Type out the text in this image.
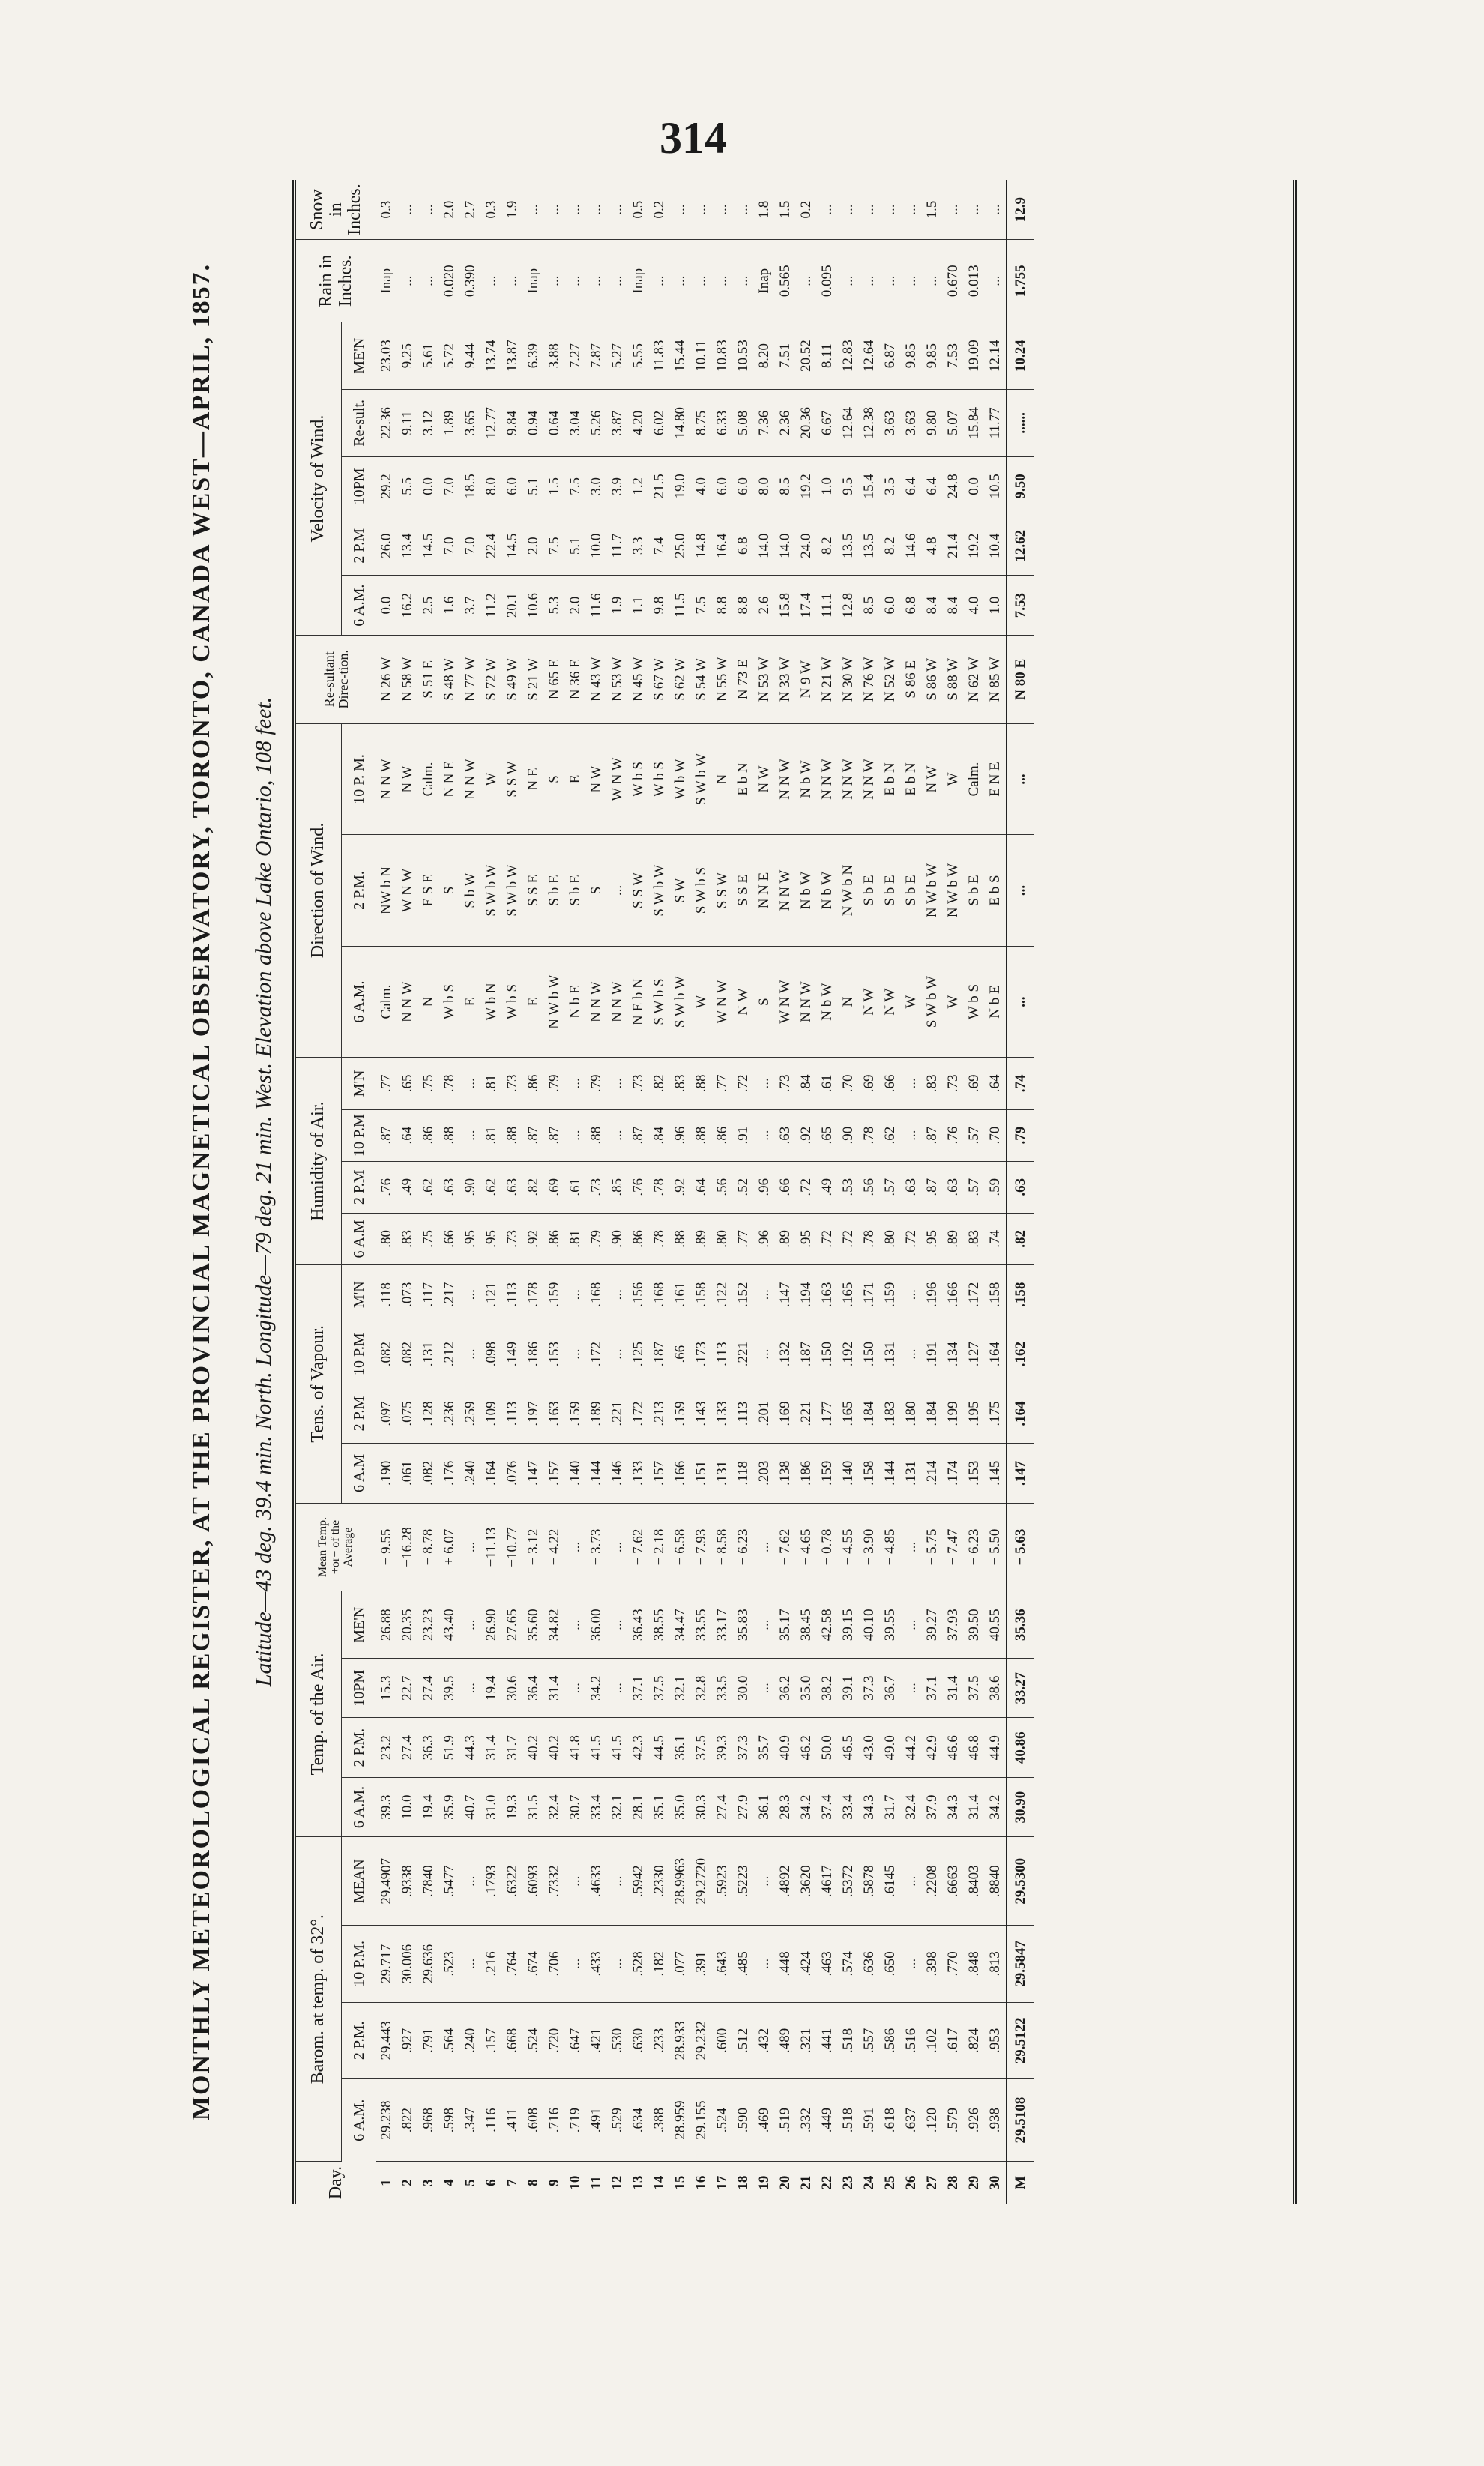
314
MONTHLY METEOROLOGICAL REGISTER, AT THE PROVINCIAL MAGNETICAL OBSERVATORY, TORONTO, CANADA WEST—APRIL, 1857. Latitude—43 deg. 39.4 min. North. Longitude—79 deg. 21 min. West. Elevation above Lake Ontario, 108 feet.
Day.	Barom. at temp. of 32°.				Temp. of the Air.				Mean Temp. +or− of the Average	Tens. of Vapour.				Humidity of Air.				Direction of Wind.			Re-sultant Direc-tion.	Velocity of Wind.					Rain in Inches.	Snow in Inches.
	6 A.M.	2 P.M.	10 P.M.	MEAN	6 A.M.	2 P.M.	10PM	ME'N		6 A.M	2 P.M	10 P.M	M'N	6 A.M	2 P.M	10 P.M	M'N	6 A.M.	2 P.M.	10 P. M.		6 A.M.	2 P.M	10PM	Re-sult.	ME'N		
1	29.238	29.443	29.717	29.4907	39.3	23.2	15.3	26.88	− 9.55	.190	.097	.082	.118	.80	.76	.87	.77	Calm.	NW b N	N N W	N 26 W	0.0	26.0	29.2	22.36	23.03	Inap	0.3
2	.822	.927	30.006	.9338	10.0	27.4	22.7	20.35	−16.28	.061	.075	.082	.073	.83	.49	.64	.65	N N W	W N W	N W	N 58 W	16.2	13.4	5.5	9.11	9.25	...	...
3	.968	.791	29.636	.7840	19.4	36.3	27.4	23.23	− 8.78	.082	.128	.131	.117	.75	.62	.86	.75	N	E S E	Calm.	S 51 E	2.5	14.5	0.0	3.12	5.61	...	...
4	.598	.564	.523	.5477	35.9	51.9	39.5	43.40	+ 6.07	.176	.236	.212	.217	.66	.63	.88	.78	W b S	S	N N E	S 48 W	1.6	7.0	7.0	1.89	5.72	0.020	2.0
5	.347	.240	...	...	40.7	44.3	...	...	...	.240	.259	...	...	.95	.90	...	...	E	S b W	N N W	N 77 W	3.7	7.0	18.5	3.65	9.44	0.390	2.7
6	.116	.157	.216	.1793	31.0	31.4	19.4	26.90	−11.13	.164	.109	.098	.121	.95	.62	.81	.81	W b N	S W b W	W	S 72 W	11.2	22.4	8.0	12.77	13.74	...	0.3
7	.411	.668	.764	.6322	19.3	31.7	30.6	27.65	−10.77	.076	.113	.149	.113	.73	.63	.88	.73	W b S	S W b W	S S W	S 49 W	20.1	14.5	6.0	9.84	13.87	...	1.9
8	.608	.524	.674	.6093	31.5	40.2	36.4	35.60	− 3.12	.147	.197	.186	.178	.92	.82	.87	.86	E	S S E	N E	S 21 W	10.6	2.0	5.1	0.94	6.39	Inap	...
9	.716	.720	.706	.7332	32.4	40.2	31.4	34.82	− 4.22	.157	.163	.153	.159	.86	.69	.87	.79	N W b W	S b E	S	N 65 E	5.3	7.5	1.5	0.64	3.88	...	...
10	.719	.647	...	...	30.7	41.8	...	...	...	.140	.159	...	...	.81	.61	...	...	N b E	S b E	E	N 36 E	2.0	5.1	7.5	3.04	7.27	...	...
11	.491	.421	.433	.4633	33.4	41.5	34.2	36.00	− 3.73	.144	.189	.172	.168	.79	.73	.88	.79	N N W	S	N W	N 43 W	11.6	10.0	3.0	5.26	7.87	...	...
12	.529	.530	...	...	32.1	41.5	...	...	...	.146	.221	...	...	.90	.85	...	...	N N W	...	W N W	N 53 W	1.9	11.7	3.9	3.87	5.27	...	...
13	.634	.630	.528	.5942	28.1	42.3	37.1	36.43	− 7.62	.133	.172	.125	.156	.86	.76	.87	.73	N E b N	S S W	W b S	N 45 W	1.1	3.3	1.2	4.20	5.55	Inap	0.5
14	.388	.233	.182	.2330	35.1	44.5	37.5	38.55	− 2.18	.157	.213	.187	.168	.78	.78	.84	.82	S W b S	S W b W	W b S	S 67 W	9.8	7.4	21.5	6.02	11.83	...	0.2
15	28.959	28.933	.077	28.9963	35.0	36.1	32.1	34.47	− 6.58	.166	.159	.66	.161	.88	.92	.96	.83	S W b W	S W	W b W	S 62 W	11.5	25.0	19.0	14.80	15.44	...	...
16	29.155	29.232	.391	29.2720	30.3	37.5	32.8	33.55	− 7.93	.151	.143	.173	.158	.89	.64	.88	.88	W	S W b S	S W b W	S 54 W	7.5	14.8	4.0	8.75	10.11	...	...
17	.524	.600	.643	.5923	27.4	39.3	33.5	33.17	− 8.58	.131	.133	.113	.122	.80	.56	.86	.77	W N W	S S W	N	N 55 W	8.8	16.4	6.0	6.33	10.83	...	...
18	.590	.512	.485	.5223	27.9	37.3	30.0	35.83	− 6.23	.118	.113	.221	.152	.77	.52	.91	.72	N W	S S E	E b N	N 73 E	8.8	6.8	6.0	5.08	10.53	...	...
19	.469	.432	...	...	36.1	35.7	...	...	...	.203	.201	...	...	.96	.96	...	...	S	N N E	N W	N 53 W	2.6	14.0	8.0	7.36	8.20	Inap	1.8
20	.519	.489	.448	.4892	28.3	40.9	36.2	35.17	− 7.62	.138	.169	.132	.147	.89	.66	.63	.73	W N W	N N W	N N W	N 33 W	15.8	14.0	8.5	2.36	7.51	0.565	1.5
21	.332	.321	.424	.3620	34.2	46.2	35.0	38.45	− 4.65	.186	.221	.187	.194	.95	.72	.92	.84	N N W	N b W	N b W	N 9 W	17.4	24.0	19.2	20.36	20.52	...	0.2
22	.449	.441	.463	.4617	37.4	50.0	38.2	42.58	− 0.78	.159	.177	.150	.163	.72	.49	.65	.61	N b W	N b W	N N W	N 21 W	11.1	8.2	1.0	6.67	8.11	0.095	...
23	.518	.518	.574	.5372	33.4	46.5	39.1	39.15	− 4.55	.140	.165	.192	.165	.72	.53	.90	.70	N	N W b N	N N W	N 30 W	12.8	13.5	9.5	12.64	12.83	...	...
24	.591	.557	.636	.5878	34.3	43.0	37.3	40.10	− 3.90	.158	.184	.150	.171	.78	.56	.78	.69	N W	S b E	N N W	N 76 W	8.5	13.5	15.4	12.38	12.64	...	...
25	.618	.586	.650	.6145	31.7	49.0	36.7	39.55	− 4.85	.144	.183	.131	.159	.80	.57	.62	.66	N W	S b E	E b N	N 52 W	6.0	8.2	3.5	3.63	6.87	...	...
26	.637	.516	...	...	32.4	44.2	...	...	...	.131	.180	...	...	.72	.63	...	...	W	S b E	E b N	S 86 E	6.8	14.6	6.4	3.63	9.85	...	...
27	.120	.102	.398	.2208	37.9	42.9	37.1	39.27	− 5.75	.214	.184	.191	.196	.95	.87	.87	.83	S W b W	N W b W	N W	S 86 W	8.4	4.8	6.4	9.80	9.85	...	1.5
28	.579	.617	.770	.6663	34.3	46.6	31.4	37.93	− 7.47	.174	.199	.134	.166	.89	.63	.76	.73	W	N W b W	W	S 88 W	8.4	21.4	24.8	5.07	7.53	0.670	...
29	.926	.824	.848	.8403	31.4	46.8	37.5	39.50	− 6.23	.153	.195	.127	.172	.83	.57	.57	.69	W b S	S b E	Calm.	N 62 W	4.0	19.2	0.0	15.84	19.09	0.013	...
30	.938	.953	.813	.8840	34.2	44.9	38.6	40.55	− 5.50	.145	.175	.164	.158	.74	.59	.70	.64	N b E	E b S	E N E	N 85 W	1.0	10.4	10.5	11.77	12.14	...	...
M	29.5108	29.5122	29.5847	29.5300	30.90	40.86	33.27	35.36	− 5.63	.147	.164	.162	.158	.82	.63	.79	.74	...	...	...	N 80 E	7.53	12.62	9.50	......	10.24	1.755	12.9
